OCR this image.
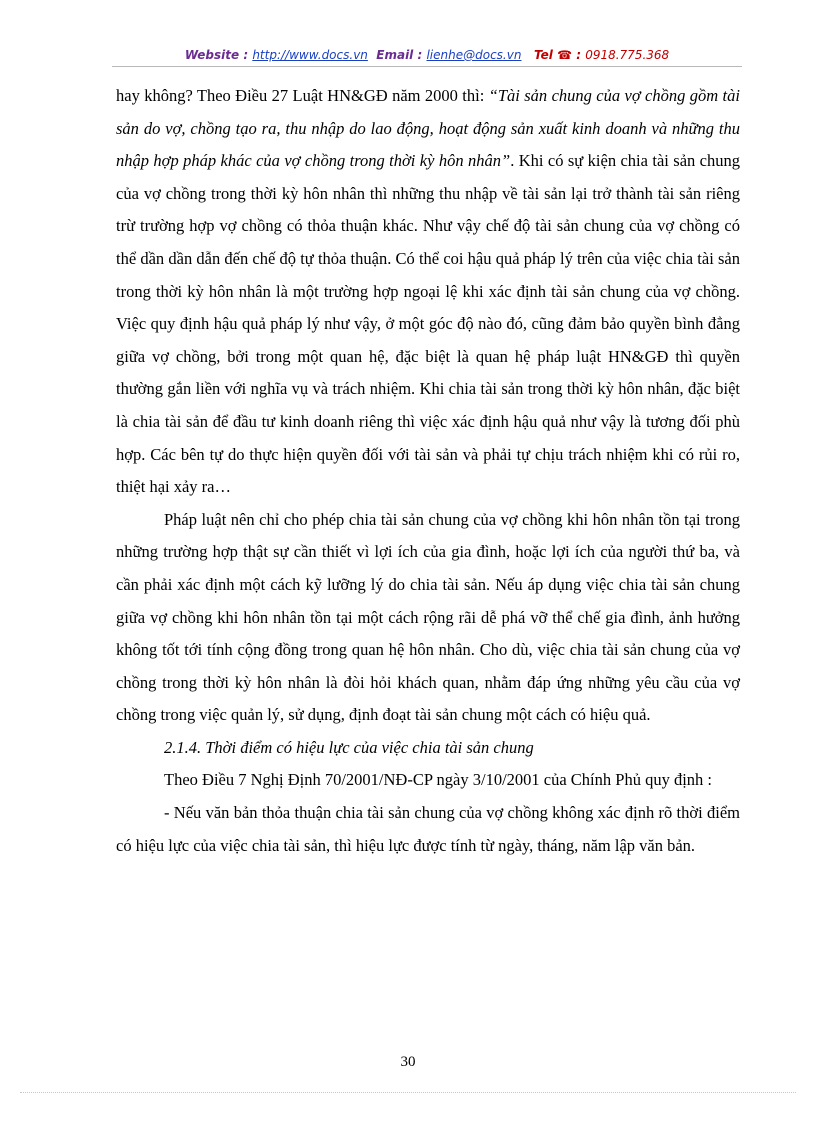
Website : http://www.docs.vn Email : lienhe@docs.vn Tel ☎ : 0918.775.368

hay không? Theo Điều 27 Luật HN&GĐ năm 2000 thì: “Tài sản chung của vợ chồng gồm tài sản do vợ, chồng tạo ra, thu nhập do lao động, hoạt động sản xuất kinh doanh và những thu nhập hợp pháp khác của vợ chồng trong thời kỳ hôn nhân”. Khi có sự kiện chia tài sản chung của vợ chồng trong thời kỳ hôn nhân thì những thu nhập về tài sản lại trở thành tài sản riêng trừ trường hợp vợ chồng có thỏa thuận khác. Như vậy chế độ tài sản chung của vợ chồng có thể dần dần dẫn đến chế độ tự thỏa thuận. Có thể coi hậu quả pháp lý trên của việc chia tài sản trong thời kỳ hôn nhân là một trường hợp ngoại lệ khi xác định tài sản chung của vợ chồng. Việc quy định hậu quả pháp lý như vậy, ở một góc độ nào đó, cũng đảm bảo quyền bình đẳng giữa vợ chồng, bởi trong một quan hệ, đặc biệt là quan hệ pháp luật HN&GĐ thì quyền thường gắn liền với nghĩa vụ và trách nhiệm. Khi chia tài sản trong thời kỳ hôn nhân, đặc biệt là chia tài sản để đầu tư kinh doanh riêng thì việc xác định hậu quả như vậy là tương đối phù hợp. Các bên tự do thực hiện quyền đối với tài sản và phải tự chịu trách nhiệm khi có rủi ro, thiệt hại xảy ra…

Pháp luật nên chỉ cho phép chia tài sản chung của vợ chồng khi hôn nhân tồn tại trong những trường hợp thật sự cần thiết vì lợi ích của gia đình, hoặc lợi ích của người thứ ba, và cần phải xác định một cách kỹ lưỡng lý do chia tài sản. Nếu áp dụng việc chia tài sản chung giữa vợ chồng khi hôn nhân tồn tại một cách rộng rãi dễ phá vỡ thể chế gia đình, ảnh hưởng không tốt tới tính cộng đồng trong quan hệ hôn nhân. Cho dù, việc chia tài sản chung của vợ chồng trong thời kỳ hôn nhân là đòi hỏi khách quan, nhằm đáp ứng những yêu cầu của vợ chồng trong việc quản lý, sử dụng, định đoạt tài sản chung một cách có hiệu quả.

2.1.4. Thời điểm có hiệu lực của việc chia tài sản chung

Theo Điều 7 Nghị Định 70/2001/NĐ-CP ngày 3/10/2001 của Chính Phủ quy định :

- Nếu văn bản thỏa thuận chia tài sản chung của vợ chồng không xác định rõ thời điểm có hiệu lực của việc chia tài sản, thì hiệu lực được tính từ ngày, tháng, năm lập văn bản.

30
